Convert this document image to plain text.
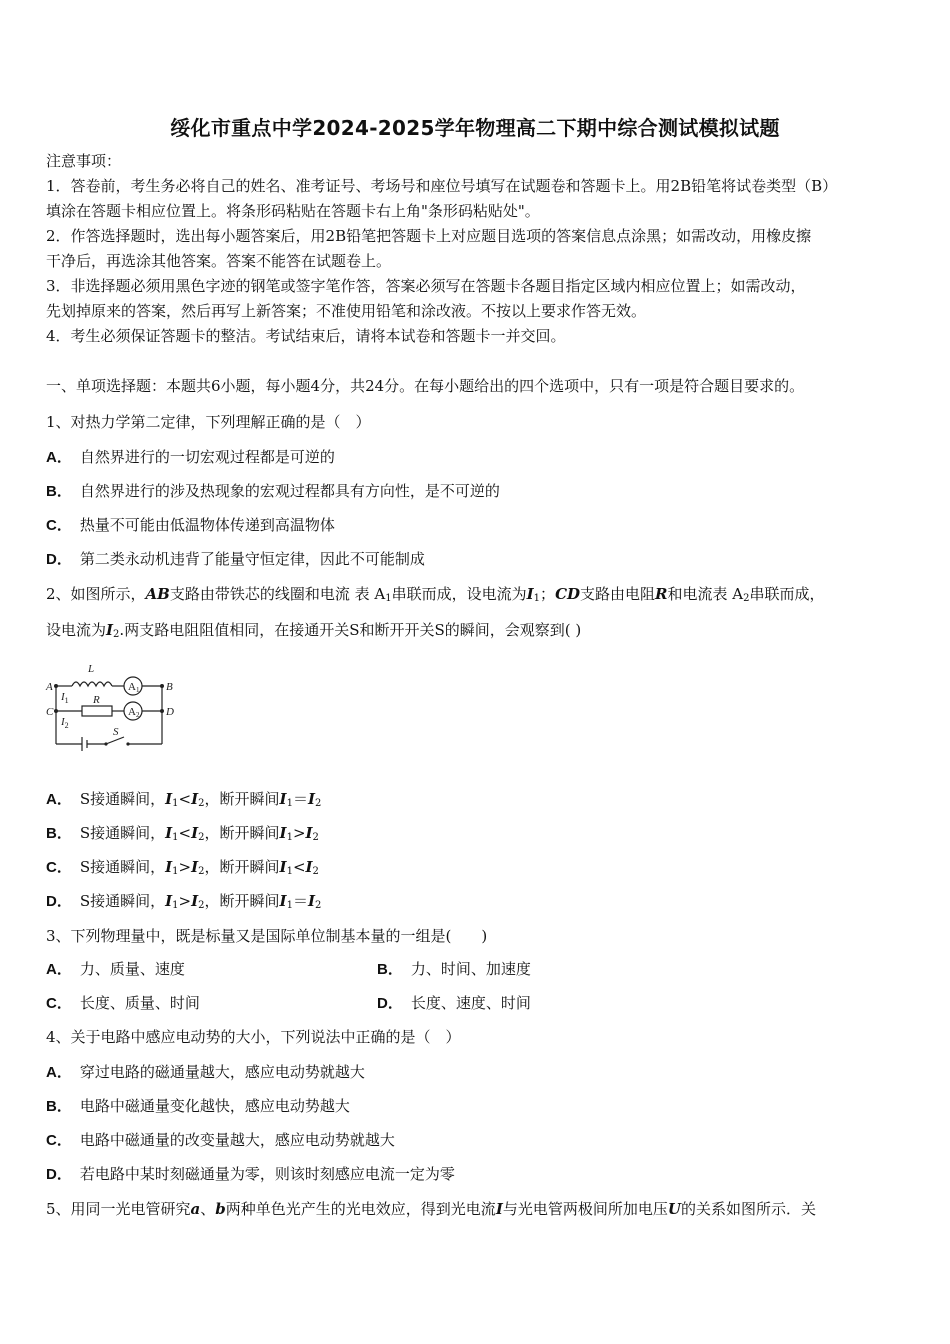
绥化市重点中学2024-2025学年物理高二下期中综合测试模拟试题
注意事项：
1．答卷前，考生务必将自己的姓名、准考证号、考场号和座位号填写在试题卷和答题卡上。用2B铅笔将试卷类型（B）
填涂在答题卡相应位置上。将条形码粘贴在答题卡右上角"条形码粘贴处"。
2．作答选择题时，选出每小题答案后，用2B铅笔把答题卡上对应题目选项的答案信息点涂黑；如需改动，用橡皮擦
干净后，再选涂其他答案。答案不能答在试题卷上。
3．非选择题必须用黑色字迹的钢笔或签字笔作答，答案必须写在答题卡各题目指定区域内相应位置上；如需改动，
先划掉原来的答案，然后再写上新答案；不准使用铅笔和涂改液。不按以上要求作答无效。
4．考生必须保证答题卡的整洁。考试结束后，请将本试卷和答题卡一并交回。
一、单项选择题：本题共6小题，每小题4分，共24分。在每小题给出的四个选项中，只有一项是符合题目要求的。
1、对热力学第二定律，下列理解正确的是（　）
A． 自然界进行的一切宏观过程都是可逆的
B． 自然界进行的涉及热现象的宏观过程都具有方向性，是不可逆的
C． 热量不可能由低温物体传递到高温物体
D． 第二类永动机违背了能量守恒定律，因此不可能制成
2、如图所示，AB支路由带铁芯的线圈和电流 表 $A_1$串联而成，设电流为$I_1$；CD支路由电阻R和电流表 $A_2$串联而成，
设电流为$I_2$.两支路电阻阻值相同，在接通开关S和断开开关S的瞬间，会观察到( )
L
A	B
C	D
R
S
$I_1$
$I_2$
A1
A2
A． S接通瞬间，$I_1<I_2$，断开瞬间$I_1=I_2$
B． S接通瞬间，$I_1<I_2$，断开瞬间$I_1>I_2$
C． S接通瞬间，$I_1>I_2$，断开瞬间$I_1<I_2$
D． S接通瞬间，$I_1>I_2$，断开瞬间$I_1=I_2$
3、下列物理量中，既是标量又是国际单位制基本量的一组是(　　)
A． 力、质量、速度	B． 力、时间、加速度
C． 长度、质量、时间	D． 长度、速度、时间
4、关于电路中感应电动势的大小，下列说法中正确的是（　）
A． 穿过电路的磁通量越大，感应电动势就越大
B． 电路中磁通量变化越快，感应电动势越大
C． 电路中磁通量的改变量越大，感应电动势就越大
D． 若电路中某时刻磁通量为零，则该时刻感应电流一定为零
5、用同一光电管研究a、b两种单色光产生的光电效应，得到光电流I与光电管两极间所加电压U的关系如图所示．关
